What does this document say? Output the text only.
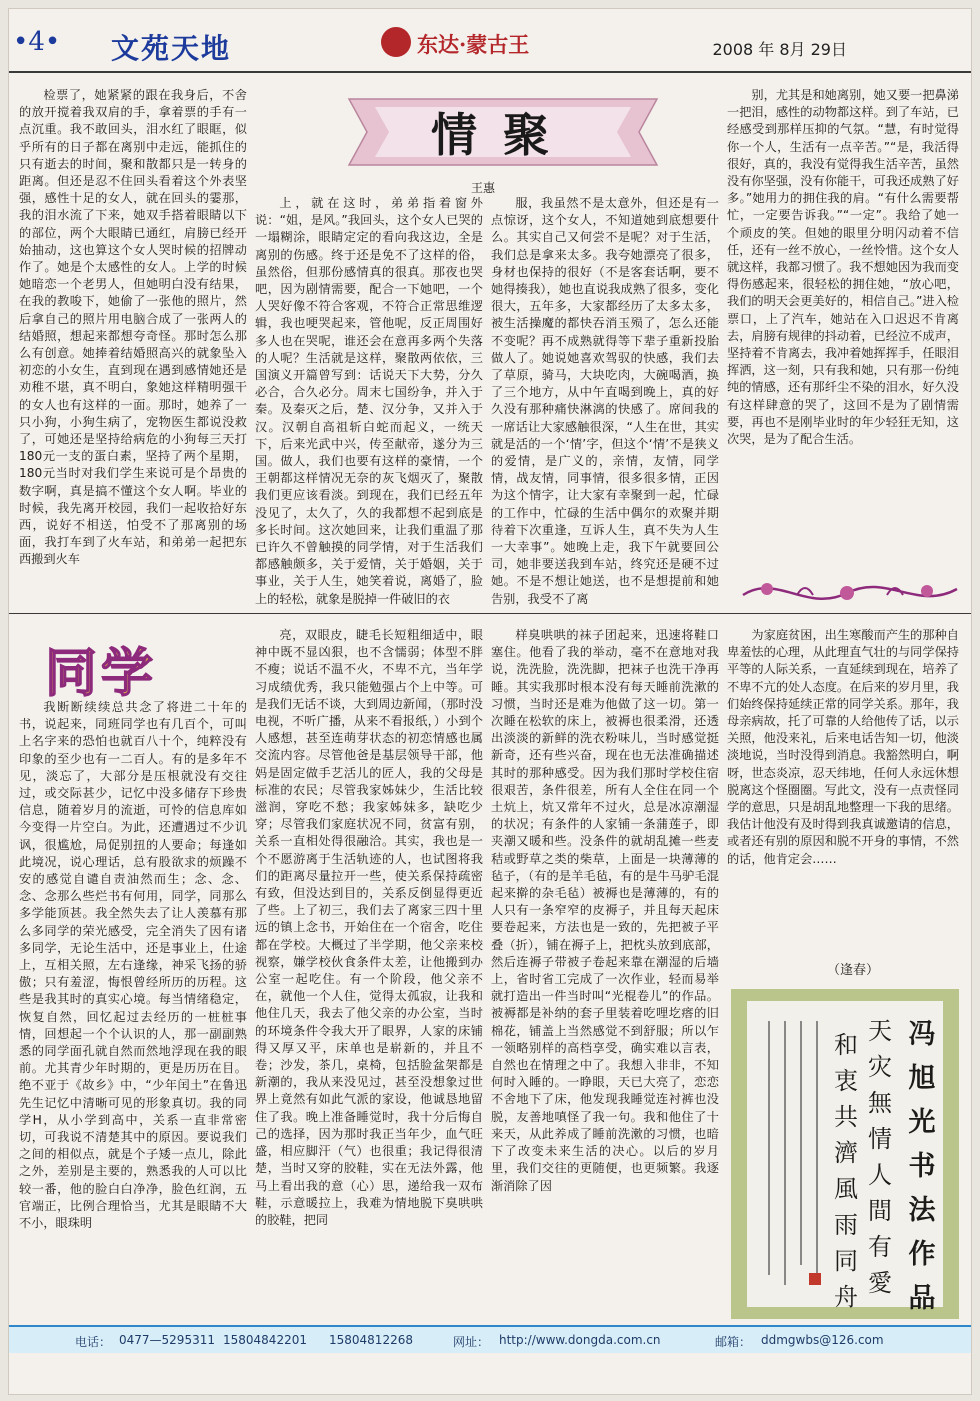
•4• 文苑天地	东达·蒙古王	2008 年 8月 29日

检票了，她紧紧的跟在我身后，不舍的放开搅着我双肩的手，拿着票的手有一点沉重。我不敢回头，泪水红了眼眶，似乎所有的日子都在离别中走远，能抓住的只有逝去的时间，聚和散都只是一转身的距离。但还是忍不住回头看着这个外表坚强，感性十足的女人，就在回头的霎那，我的泪水流了下来，她双手搭着眼睛以下的部位，两个大眼睛已通红，肩膀已经开始抽动，这也算这个女人哭时候的招牌动作了。她是个太感性的女人。上学的时候她暗恋一个老男人，但她明白没有结果，在我的教唆下，她偷了一张他的照片，然后拿自己的照片用电脑合成了一张两人的结婚照，想起来都想夸奇怪。那时怎么那么有创意。她捧着结婚照高兴的就象坠入初恋的小女生，直到现在遇到感情她还是劝稚不堪，真不明白，象她这样精明强干的女人也有这样的一面。那时，她养了一只小狗，小狗生病了，宠物医生都说没救了，可她还是坚持给病危的小狗每三天打180元一支的蛋白素，坚持了两个星期，180元当时对我们学生来说可是个昂贵的数字啊，真是搞不懂这个女人啊。毕业的时候，我先离开校园，我们一起收拾好东西，说好不相送，怕受不了那离别的场面，我打车到了火车站，和弟弟一起把东西搬到火车

上，就在这时，弟弟指着窗外说：“姐，是风。”我回头，这个女人已哭的一塌糊涂，眼睛定定的看向我这边，全是离别的伤感。终于还是免不了这样的俗，虽然俗，但那份感情真的很真。那夜也哭吧，因为剧情需要，配合一下她吧，一个人哭好像不符合客观，不符合正常思维逻辑，我也哽哭起来，管他呢，反正周围好多人也在哭呢，谁还会在意再多两个失落的人呢？生活就是这样，聚散两依依，三国演义开篇曾写到：话说天下大势，分久必合，合久必分。周末七国纷争，并入于秦。及秦灭之后，楚、汉分争，又并入于汉。汉朝自高祖斩白蛇而起义，一统天下，后来光武中兴，传至献帝，遂分为三国。做人，我们也要有这样的豪情，一个王朝都这样情况无奈的灰飞烟灭了，聚散我们更应该看淡。到现在，我们已经五年没见了，太久了，久的我都想不起到底是多长时间。这次她回来，让我们重温了那已许久不曾触摸的同学情，对于生活我们都感触颇多，关于爱情，关于婚姻，关于事业，关于人生，她笑着说，离婚了，脸上的轻松，就象是脱掉一件破旧的衣

服，我虽然不是太意外，但还是有一点惊讶，这个女人，不知道她到底想要什么。其实自己又何尝不是呢？对于生活，我们总是拿来太多。我夸她漂亮了很多，身材也保持的很好（不是客套话啊，要不她得揍我），她也直说我成熟了很多，变化很大，五年多，大家都经历了太多太多，被生活操魔的都快吞消玉殒了，怎么还能不变呢？再不成熟就得等下辈子重新投胎做人了。她说她喜欢驾驭的快感，我们去了草原，骑马，大块吃肉，大碗喝酒，换了三个地方，从中午直喝到晚上，真的好久没有那种痛快淋漓的快感了。席间我的一席话让大家感触很深，“人生在世，其实就是活的一个‘情’字，但这个‘情’不是狭义的爱情，是广义的，亲情，友情，同学情，战友情，同事情，很多很多情，正因为这个情字，让大家有幸聚到一起，忙碌的工作中，忙碌的生活中偶尔的欢聚并期待着下次重逢，互诉人生，真不失为人生一大幸事”。她晚上走，我下午就要回公司，她非要送我到车站，终究还是硬不过她。不是不想让她送，也不是想提前和她告别，我受不了离

别，尤其是和她离别，她又要一把鼻涕一把泪，感性的动物都这样。到了车站，已经感受到那样压抑的气氛。“慧，有时觉得你一个人，生活有一点辛苦。”“是，我活得很好，真的，我没有觉得我生活辛苦，虽然没有你坚强，没有你能干，可我还成熟了好多。”她用力的拥住我的肩。“有什么需要帮忙，一定要告诉我。”“一定”。我给了她一个顽皮的笑。但她的眼里分明闪动着不信任，还有一丝不放心，一丝怜惜。这个女人就这样，我都习惯了。我不想她因为我而变得伤感起来，很轻松的拥住她，“放心吧，我们的明天会更美好的，相信自己。”进入检票口，上了汽车，她站在入口迟迟不肯离去，肩膀有规律的抖动着，已经泣不成声，坚持着不肯离去，我冲着她挥挥手，任眼泪挥洒，这一刻，只有我和她，只有那一份纯纯的情感，还有那纤尘不染的泪水，好久没有这样肆意的哭了，这回不是为了剧情需要，再也不是刚毕业时的年少轻狂无知，这次哭，是为了配合生活。

情聚
王惠
同学

我断断续续总共念了将进二十年的书，说起来，同班同学也有几百个，可叫上名字来的恐怕也就百八十个，纯粹没有印象的至少也有一二百人。有的是多年不见，淡忘了，大部分是压根就没有交往过，或交际甚少，记忆中没多储存下珍贵信息，随着岁月的流逝，可怜的信息库如今变得一片空白。为此，还遭遇过不少讥讽，很尴尬，局促别扭的人要命；每逢如此境况，说心理话，总有股欲求的烦躁不安的感觉自谴自责油然而生；念、念、念、念那么些烂书有何用，同学，同那么多学能顶甚。我全然失去了让人羡慕有那么多同学的荣光感受，完全消失了因有诸多同学，无论生活中，还是事业上，仕途上，互相关照，左右逢缘，神采飞扬的骄傲；只有羞涩，悔恨曾经所历的历程。这些是我其时的真实心境。每当情绪稳定，恢复自然，回忆起过去经历的一桩桩事情，回想起一个个认识的人，那一副副熟悉的同学面孔就自然而然地浮现在我的眼前。尤其青少年时期的，更是历历在目。绝不亚于《故乡》中，“少年闰土”在鲁迅先生记忆中清晰可见的形象真切。我的同学H，从小学到高中，关系一直非常密切，可我说不清楚其中的原因。要说我们之间的相似点，就是个子矮一点儿，除此之外，差别是主要的，熟悉我的人可以比较一番，他的脸白白净净，脸色红润，五官端正，比例合理恰当，尤其是眼睛不大不小，眼珠明

亮，双眼皮，睫毛长短粗细适中，眼神中既不显凶狠，也不含懦弱；体型不胖不瘦；说话不温不火，不卑不亢，当年学习成绩优秀，我只能勉强占个上中等。可是我们无话不谈，大到周边新闻，（那时没电视，不听广播，从来不看报纸，）小到个人感想，甚至连萌芽状态的初恋情感也属交流内容。尽管他爸是基层领导干部，他妈是固定做手艺活儿的匠人，我的父母是标准的农民；尽管我家姊妹少，生活比较滋润，穿吃不愁；我家姊妹多，缺吃少穿；尽管我们家庭状况不同，贫富有别，关系一直相处得很融洽。其实，我也是一个不愿游离于生活轨迹的人，也试图将我们的距离尽量拉开一些，使关系保持疏密有致，但没达到目的，关系反倒显得更近了些。上了初三，我们去了离家三四十里远的镇上念书，开始住在一个宿舍，吃住都在学校。大概过了半学期，他父亲来校视察，嫌学校伙食条件太差，让他搬到办公室一起吃住。有一个阶段，他父亲不在，就他一个人住，觉得太孤寂，让我和他住几天，我去了他父亲的办公室，当时的环境条件令我大开了眼界，人家的床铺得又厚又平，床单也是崭新的，并且不卷；沙发，茶几，桌椅，包括脸盆架都是新潮的，我从来没见过，甚至没想象过世界上竟然有如此气派的家设，他诚恳地留住了我。晚上准备睡觉时，我十分后悔自己的选择，因为那时我正当年少，血气旺盛，相应脚汗（气）也很重；我记得很清楚，当时又穿的胶鞋，实在无法外露，他马上看出我的意（心）思，递给我一双布鞋，示意暖拉上，我难为情地脱下臭哄哄的胶鞋，把同

样臭哄哄的袜子团起来，迅速将鞋口塞住。他看了我的举动，毫不在意地对我说，洗洗脸，洗洗脚，把袜子也洗干净再睡。其实我那时根本没有每天睡前洗漱的习惯，当时还是难为他做了这一切。第一次睡在松软的床上，被褥也很柔滑，还透出淡淡的新鲜的洗衣粉味儿，当时感觉挺新奇，还有些兴奋，现在也无法准确描述其时的那种感受。因为我们那时学校住宿很艰苦，条件很差，所有人全住在同一个土炕上，炕又常年不过火，总是冰凉潮湿的状况；有条件的人家铺一条蒲莲子，即夹潮又暖和些。没条件的就胡乱摊一些麦秸或野草之类的柴草，上面是一块薄薄的毡子，（有的是羊毛毡，有的是牛马驴毛混起来擀的杂毛毡）被褥也是薄薄的，有的人只有一条窄窄的皮褥子，并且每天起床要卷起来，方法也是一致的，先把被子平叠（折），铺在褥子上，把枕头放到底部，然后连褥子带被子卷起来靠在潮湿的后墙上，省时省工完成了一次作业，轻而易举就打造出一件当时叫“光棍卷儿”的作品。被褥都是补纳的套子里装着吃哩圪瘩的旧棉花，铺盖上当然感觉不到舒服；所以乍一领略别样的高档享受，确实难以言表，自然也在情理之中了。我想入非非，不知何时入睡的。一睁眼，天已大亮了，恋恋不舍地下了床，他发现我睡觉连衬裤也没脱，友善地嗔怪了我一句。我和他住了十来天，从此养成了睡前洗漱的习惯，也暗下了改变未来生活的决心。以后的岁月里，我们交往的更随便，也更频繁。我逐渐消除了因

为家庭贫困，出生寒酸而产生的那种自卑羞怯的心理，从此理直气壮的与同学保持平等的人际关系，一直延续到现在，培养了不卑不亢的处人态度。在后来的岁月里，我们始终保持延续正常的同学关系。那年，我母亲病故，托了可靠的人给他传了话，以示关照，他没来礼，后来电话告知一切，他淡淡地说，当时没得到消息。我豁然明白，啊呀，世态炎凉，忍天纬地，任何人永远休想脱离这个怪圈圈。写此文，没有一点责怪同学的意思，只是胡乱地整理一下我的思绪。我估计他没有及时得到我真诚邀请的信息，或者还有别的原因和脱不开身的事情，不然的话，他肯定会……

（逢春）
冯旭光书法作品
天灾無情人間有愛
和衷共濟風雨同舟
电话： 0477—5295311 15804842201 15804812268	网址： http://www.dongda.com.cn	邮箱： ddmgwbs@126.com
